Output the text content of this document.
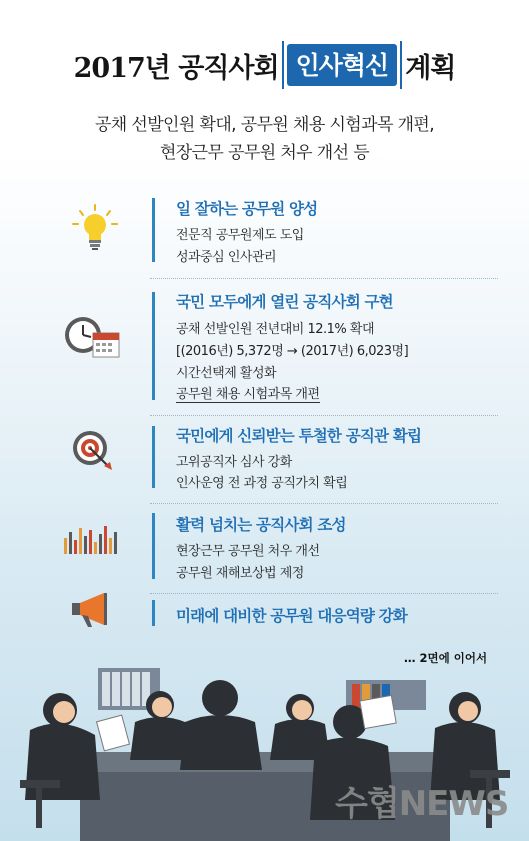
2017년 공직사회 인사혁신 계획
공채 선발인원 확대, 공무원 채용 시험과목 개편,
현장근무 공무원 처우 개선 등
일 잘하는 공무원 양성
전문직 공무원제도 도입
성과중심 인사관리
국민 모두에게 열린 공직사회 구현
공채 선발인원 전년대비 12.1% 확대
[(2016년) 5,372명 → (2017년) 6,023명]
시간선택제 활성화
공무원 채용 시험과목 개편
국민에게 신뢰받는 투철한 공직관 확립
고위공직자 심사 강화
인사운영 전 과정 공직가치 확립
활력 넘치는 공직사회 조성
현장근무 공무원 처우 개선
공무원 재해보상법 제정
미래에 대비한 공무원 대응역량 강화
… 2면에 이어서
수협NEWS
